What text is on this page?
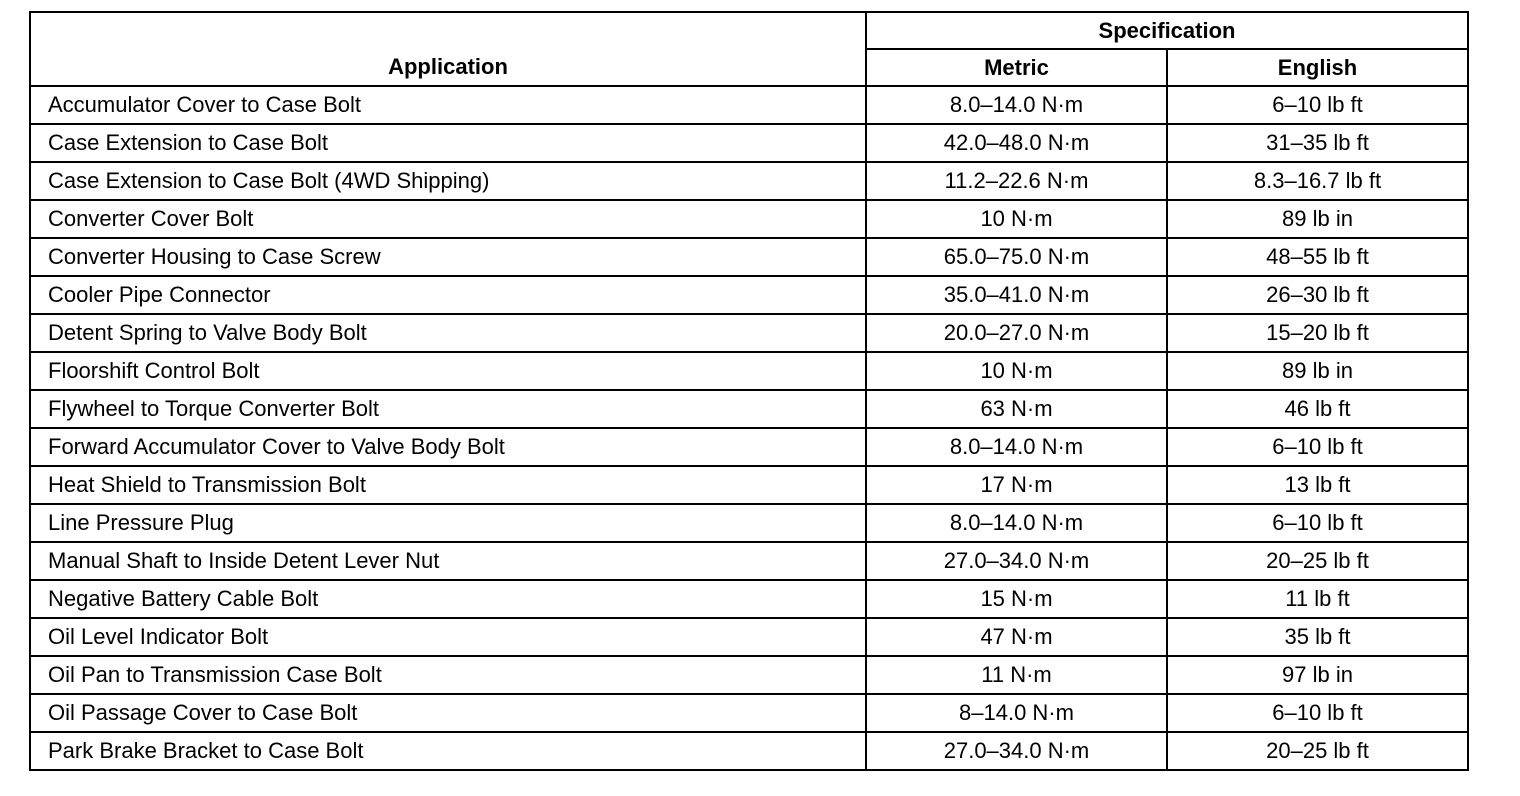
Application	Specification	
	Metric	English
Accumulator Cover to Case Bolt	8.0–14.0 N·m	6–10 lb ft
Case Extension to Case Bolt	42.0–48.0 N·m	31–35 lb ft
Case Extension to Case Bolt (4WD Shipping)	11.2–22.6 N·m	8.3–16.7 lb ft
Converter Cover Bolt	10 N·m	89 lb in
Converter Housing to Case Screw	65.0–75.0 N·m	48–55 lb ft
Cooler Pipe Connector	35.0–41.0 N·m	26–30 lb ft
Detent Spring to Valve Body Bolt	20.0–27.0 N·m	15–20 lb ft
Floorshift Control Bolt	10 N·m	89 lb in
Flywheel to Torque Converter Bolt	63 N·m	46 lb ft
Forward Accumulator Cover to Valve Body Bolt	8.0–14.0 N·m	6–10 lb ft
Heat Shield to Transmission Bolt	17 N·m	13 lb ft
Line Pressure Plug	8.0–14.0 N·m	6–10 lb ft
Manual Shaft to Inside Detent Lever Nut	27.0–34.0 N·m	20–25 lb ft
Negative Battery Cable Bolt	15 N·m	11 lb ft
Oil Level Indicator Bolt	47 N·m	35 lb ft
Oil Pan to Transmission Case Bolt	11 N·m	97 lb in
Oil Passage Cover to Case Bolt	8–14.0 N·m	6–10 lb ft
Park Brake Bracket to Case Bolt	27.0–34.0 N·m	20–25 lb ft
